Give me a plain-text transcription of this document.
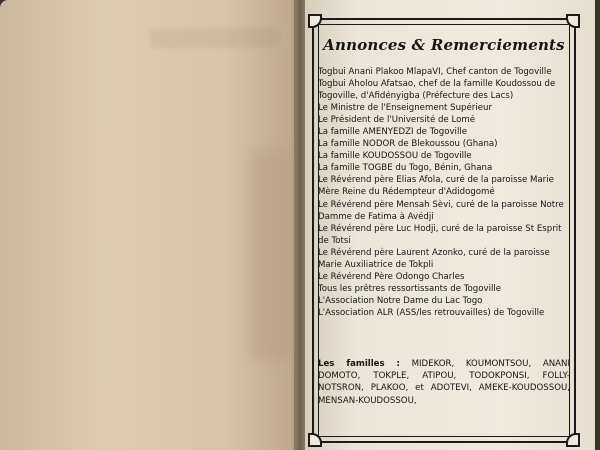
Annonces & Remerciements
Togbui Anani Plakoo MlapaVI, Chef canton de Togoville
Togbui Aholou Afatsao, chef de la famille Koudossou de Togoville, d'Afidényigba (Préfecture des Lacs)
Le Ministre de l'Enseignement Supérieur
Le Président de l'Université de Lomé
La famille AMENYEDZI de Togoville
La famille NODOR de Blekoussou (Ghana)
La famille KOUDOSSOU de Togoville
La famille TOGBE du Togo, Bénin, Ghana
Le Révérend père Elias Afola, curé de la paroisse Marie Mère Reine du Rédempteur d'Adidogomé
Le Révérend père Mensah Sèvi, curé de la paroisse Notre Damme de Fatima à Avédji
Le Révérend père Luc Hodji, curé de la paroisse St Esprit de Totsi
Le Révérend père Laurent Azonko, curé de la paroisse Marie Auxiliatrice de Tokpli
Le Révérend Père Odongo Charles
Tous les prêtres ressortissants de Togoville
L'Association Notre Dame du Lac Togo
L'Association ALR (ASS/les retrouvailles) de Togoville

Les familles : MIDEKOR, KOUMONTSOU, ANANI DOMOTO, TOKPLE, ATIPOU, TODOKPONSI, FOLLY-NOTSRON, PLAKOO, et ADOTEVI, AMEKE-KOUDOSSOU, MENSAN-KOUDOSSOU,
